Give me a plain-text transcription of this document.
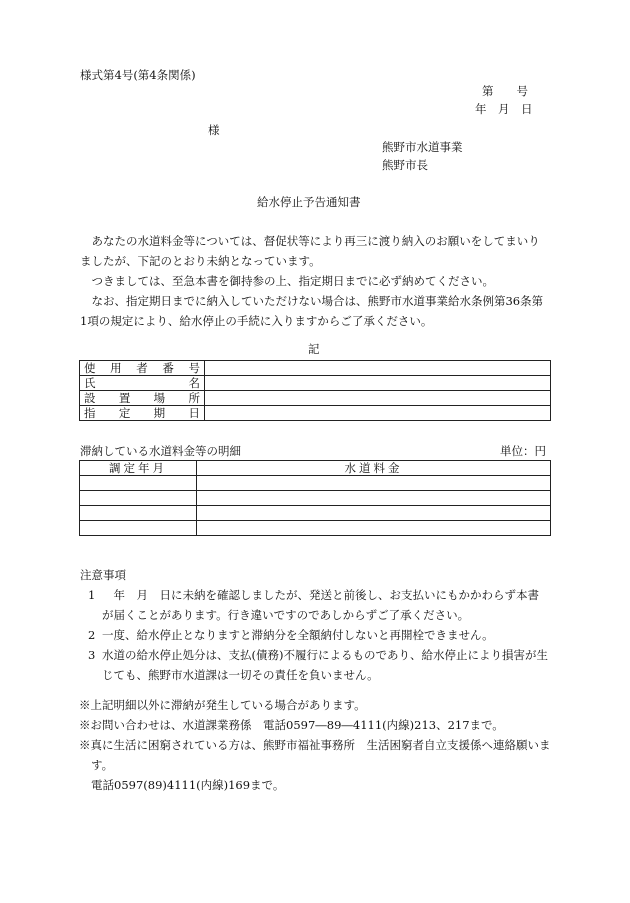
様式第4号(第4条関係)
第　　号
年　月　日
様
熊野市水道事業
熊野市長
給水停止予告通知書

あなたの水道料金等については、督促状等により再三に渡り納入のお願いをしてまいりましたが、下記のとおり未納となっています。

つきましては、至急本書を御持参の上、指定期日までに必ず納めてください。

なお、指定期日までに納入していただけない場合は、熊野市水道事業給水条例第36条第1項の規定により、給水停止の手続に入りますからご了承ください。

記
使 用 者 番 号	

氏 名	

設 置 場 所	

指 定 期 日	

滞納している水道料金等の明細	単位：円
調定年月	水道料金

注意事項
1 　年　月　日に未納を確認しましたが、発送と前後し、お支払いにもかかわらず本書が届くことがあります。行き違いですのであしからずご了承ください。
2 一度、給水停止となりますと滞納分を全額納付しないと再開栓できません。
3 水道の給水停止処分は、支払(債務)不履行によるものであり、給水停止により損害が生じても、熊野市水道課は一切その責任を負いません。
※上記明細以外に滞納が発生している場合があります。
※お問い合わせは、水道課業務係　電話0597―89―4111(内線)213、217まで。
※真に生活に困窮されている方は、熊野市福祉事務所　生活困窮者自立支援係へ連絡願います。
電話0597(89)4111(内線)169まで。
